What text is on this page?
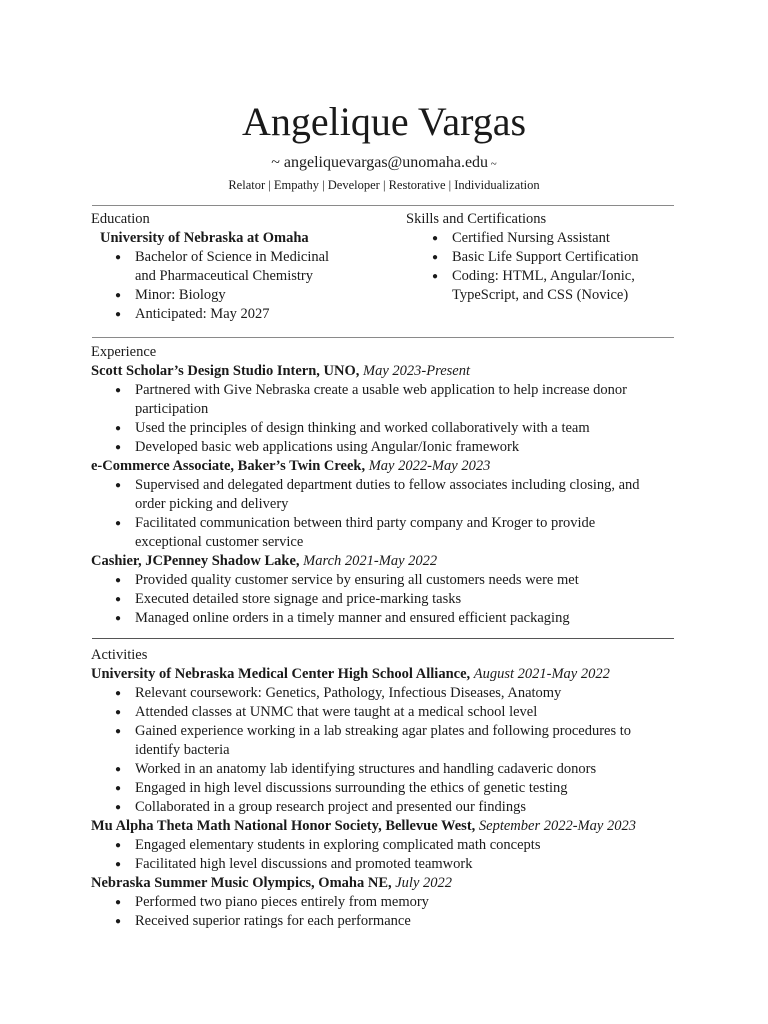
Angelique Vargas
~ angeliquevargas@unomaha.edu ~
Relator | Empathy | Developer | Restorative | Individualization
Education
University of Nebraska at Omaha
● Bachelor of Science in Medicinal
and Pharmaceutical Chemistry
● Minor: Biology
● Anticipated: May 2027
Skills and Certifications
● Certified Nursing Assistant
● Basic Life Support Certification
● Coding: HTML, Angular/Ionic,
TypeScript, and CSS (Novice)
Experience
Scott Scholar’s Design Studio Intern, UNO, May 2023-Present
● Partnered with Give Nebraska create a usable web application to help increase donor
participation
● Used the principles of design thinking and worked collaboratively with a team
● Developed basic web applications using Angular/Ionic framework
e-Commerce Associate, Baker’s Twin Creek, May 2022-May 2023
● Supervised and delegated department duties to fellow associates including closing, and
order picking and delivery
● Facilitated communication between third party company and Kroger to provide
exceptional customer service
Cashier, JCPenney Shadow Lake, March 2021-May 2022
● Provided quality customer service by ensuring all customers needs were met
● Executed detailed store signage and price-marking tasks
● Managed online orders in a timely manner and ensured efficient packaging
Activities
University of Nebraska Medical Center High School Alliance, August 2021-May 2022
● Relevant coursework: Genetics, Pathology, Infectious Diseases, Anatomy
● Attended classes at UNMC that were taught at a medical school level
● Gained experience working in a lab streaking agar plates and following procedures to
identify bacteria
● Worked in an anatomy lab identifying structures and handling cadaveric donors
● Engaged in high level discussions surrounding the ethics of genetic testing
● Collaborated in a group research project and presented our findings
Mu Alpha Theta Math National Honor Society, Bellevue West, September 2022-May 2023
● Engaged elementary students in exploring complicated math concepts
● Facilitated high level discussions and promoted teamwork
Nebraska Summer Music Olympics, Omaha NE, July 2022
● Performed two piano pieces entirely from memory
● Received superior ratings for each performance
